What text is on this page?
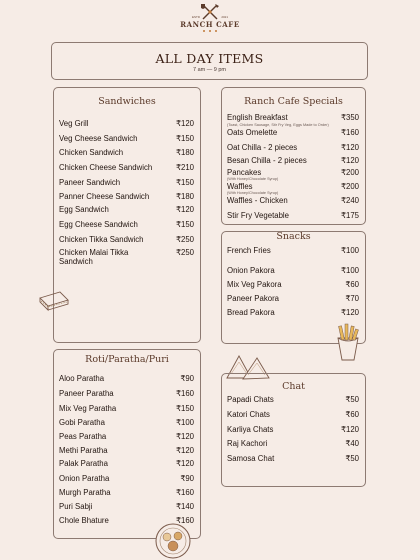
ESTD	2021
RANCH CAFE
ALL DAY ITEMS
7 am — 9 pm
Sandwiches
Veg Grill	₹120
Veg Cheese Sandwich	₹150
Chicken Sandwich	₹180
Chicken Cheese Sandwich	₹210
Paneer Sandwich	₹150
Panner Cheese Sandwich	₹180
Egg Sandwich	₹120
Egg Cheese Sandwich	₹150
Chicken Tikka Sandwich	₹250
Chicken Malai Tikka Sandwich
₹250
Ranch Cafe Specials
English Breakfast	₹350
(Toast, Chicken Sausage, Stir Fry Veg, Eggs Made to Order)
Oats Omelette	₹160
Oat Chilla - 2 pieces	₹120
Besan Chilla - 2 pieces	₹120
Pancakes	₹200
(With Honey/Chocolate Syrup)
Waffles	₹200
(With Honey/Chocolate Syrup)
Waffles - Chicken	₹240
Stir Fry Vegetable	₹175
Snacks
French Fries	₹100
Onion Pakora	₹100
Mix Veg Pakora	₹60
Paneer Pakora	₹70
Bread Pakora	₹120
Roti/Paratha/Puri
Aloo Paratha	₹90
Paneer Paratha	₹160
Mix Veg Paratha	₹150
Gobi Paratha	₹100
Peas Paratha	₹120
Methi Paratha	₹120
Palak Paratha	₹120
Onion Paratha	₹90
Murgh Paratha	₹160
Puri Sabji	₹140
Chole Bhature	₹160
Chat
Papadi Chats	₹50
Katori Chats	₹60
Karliya Chats	₹120
Raj Kachori	₹40
Samosa Chat	₹50
